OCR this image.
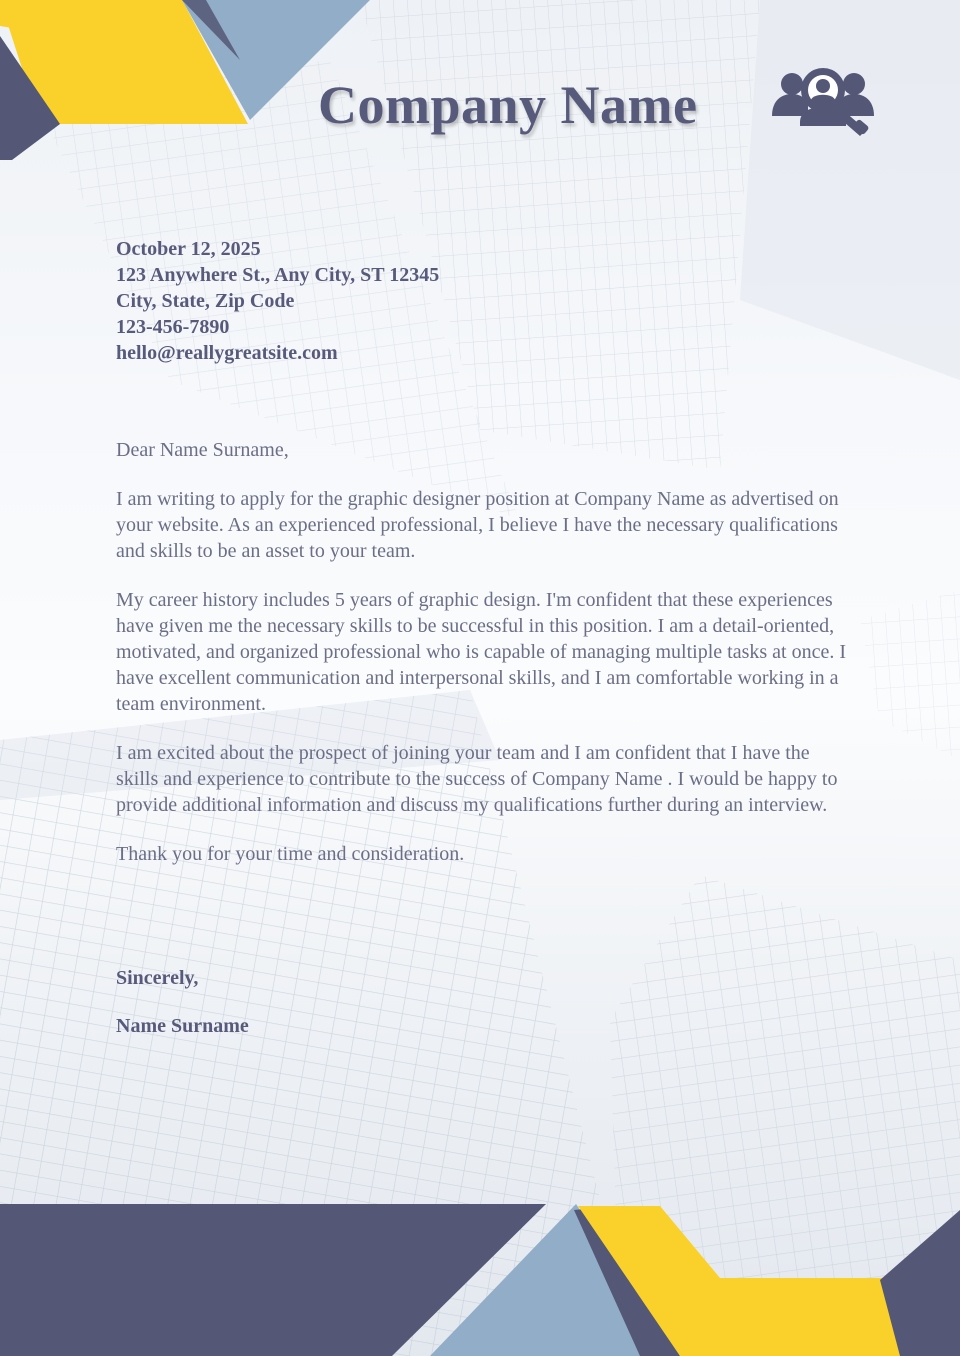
Company Name
October 12, 2025
123 Anywhere St., Any City, ST 12345
City, State, Zip Code
123-456-7890
hello@reallygreatsite.com

Dear Name Surname,

I am writing to apply for the graphic designer position at Company Name as advertised on your website. As an experienced professional, I believe I have the necessary qualifications and skills to be an asset to your team.

My career history includes 5 years of graphic design. I'm confident that these experiences have given me the necessary skills to be successful in this position. I am a detail-oriented, motivated, and organized professional who is capable of managing multiple tasks at once. I have excellent communication and interpersonal skills, and I am comfortable working in a team environment.

I am excited about the prospect of joining your team and I am confident that I have the skills and experience to contribute to the success of Company Name . I would be happy to provide additional information and discuss my qualifications further during an interview.

Thank you for your time and consideration.

Sincerely,
Name Surname
